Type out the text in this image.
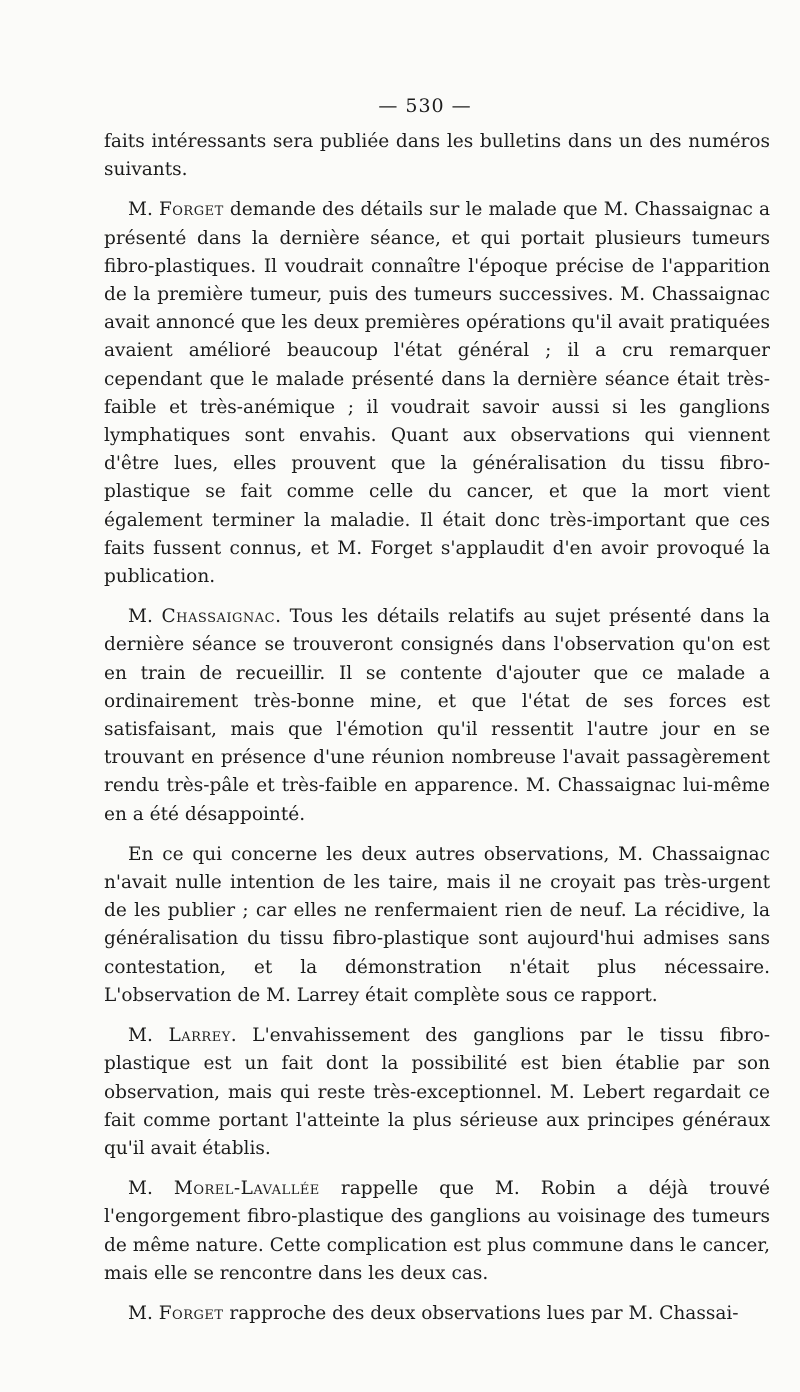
— 530 —

faits intéressants sera publiée dans les bulletins dans un des numéros suivants.

M. Forget demande des détails sur le malade que M. Chassaignac a présenté dans la dernière séance, et qui portait plusieurs tumeurs fibro-plastiques. Il voudrait connaître l'époque précise de l'apparition de la première tumeur, puis des tumeurs successives. M. Chassaignac avait annoncé que les deux premières opérations qu'il avait pratiquées avaient amélioré beaucoup l'état général ; il a cru remarquer cependant que le malade présenté dans la dernière séance était très-faible et très-anémique ; il voudrait savoir aussi si les ganglions lymphatiques sont envahis. Quant aux observations qui viennent d'être lues, elles prouvent que la généralisation du tissu fibro-plastique se fait comme celle du cancer, et que la mort vient également terminer la maladie. Il était donc très-important que ces faits fussent connus, et M. Forget s'applaudit d'en avoir provoqué la publication.

M. Chassaignac. Tous les détails relatifs au sujet présenté dans la dernière séance se trouveront consignés dans l'observation qu'on est en train de recueillir. Il se contente d'ajouter que ce malade a ordinairement très-bonne mine, et que l'état de ses forces est satisfaisant, mais que l'émotion qu'il ressentit l'autre jour en se trouvant en présence d'une réunion nombreuse l'avait passagèrement rendu très-pâle et très-faible en apparence. M. Chassaignac lui-même en a été désappointé.

En ce qui concerne les deux autres observations, M. Chassaignac n'avait nulle intention de les taire, mais il ne croyait pas très-urgent de les publier ; car elles ne renfermaient rien de neuf. La récidive, la généralisation du tissu fibro-plastique sont aujourd'hui admises sans contestation, et la démonstration n'était plus nécessaire. L'observation de M. Larrey était complète sous ce rapport.

M. Larrey. L'envahissement des ganglions par le tissu fibro-plastique est un fait dont la possibilité est bien établie par son observation, mais qui reste très-exceptionnel. M. Lebert regardait ce fait comme portant l'atteinte la plus sérieuse aux principes généraux qu'il avait établis.

M. Morel-Lavallée rappelle que M. Robin a déjà trouvé l'engorgement fibro-plastique des ganglions au voisinage des tumeurs de même nature. Cette complication est plus commune dans le cancer, mais elle se rencontre dans les deux cas.

M. Forget rapproche des deux observations lues par M. Chassai-
